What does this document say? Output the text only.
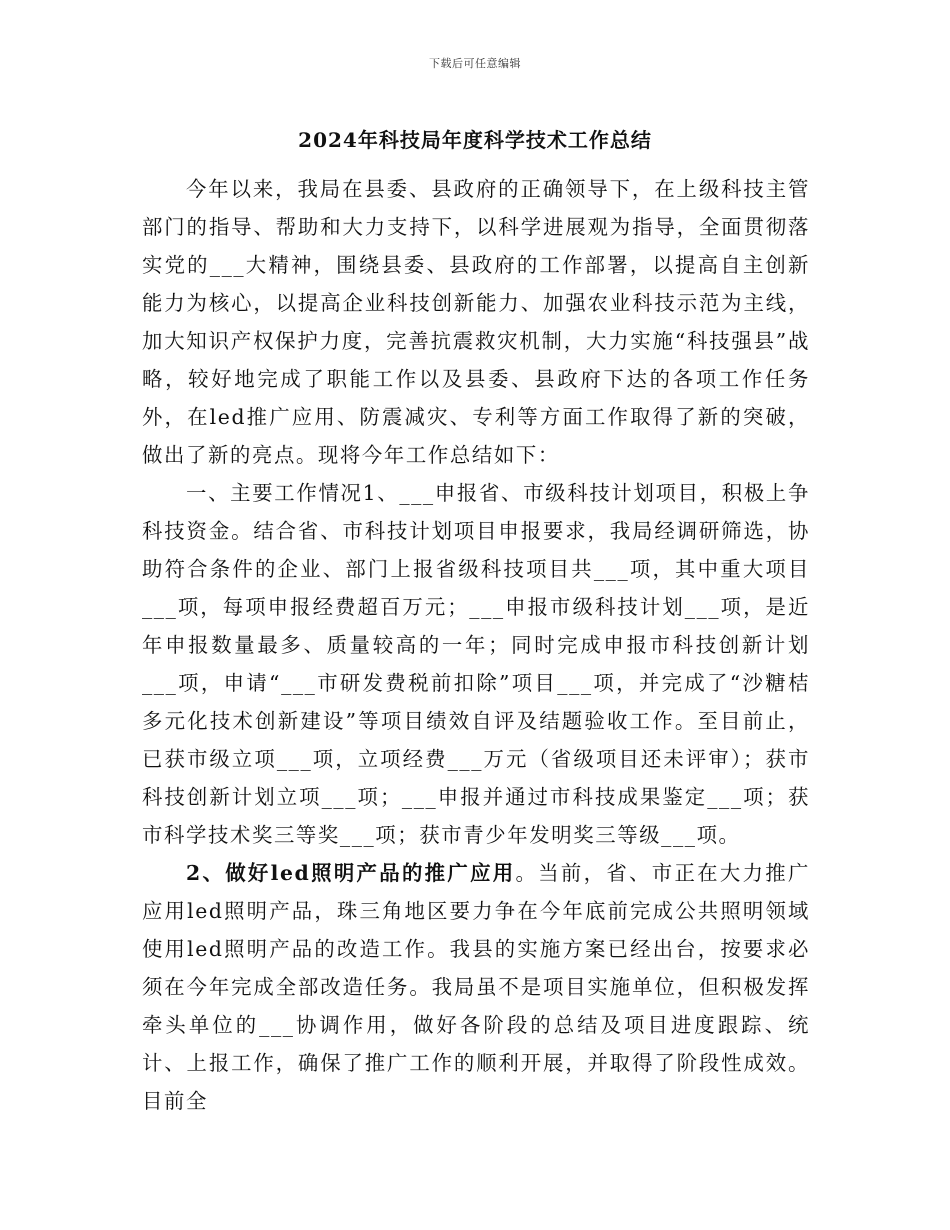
下载后可任意编辑
2024年科技局年度科学技术工作总结

今年以来，我局在县委、县政府的正确领导下，在上级科技主管部门的指导、帮助和大力支持下，以科学进展观为指导，全面贯彻落实党的___大精神，围绕县委、县政府的工作部署，以提高自主创新能力为核心，以提高企业科技创新能力、加强农业科技示范为主线，加大知识产权保护力度，完善抗震救灾机制，大力实施“科技强县”战略，较好地完成了职能工作以及县委、县政府下达的各项工作任务外，在led推广应用、防震减灾、专利等方面工作取得了新的突破，做出了新的亮点。现将今年工作总结如下：

一、主要工作情况1、___申报省、市级科技计划项目，积极上争科技资金。结合省、市科技计划项目申报要求，我局经调研筛选，协助符合条件的企业、部门上报省级科技项目共___项，其中重大项目___项，每项申报经费超百万元；___申报市级科技计划___项，是近年申报数量最多、质量较高的一年；同时完成申报市科技创新计划___项，申请“___市研发费税前扣除”项目___项，并完成了“沙糖桔多元化技术创新建设”等项目绩效自评及结题验收工作。至目前止，已获市级立项___项，立项经费___万元（省级项目还未评审）；获市科技创新计划立项___项；___申报并通过市科技成果鉴定___项；获市科学技术奖三等奖___项；获市青少年发明奖三等级___项。

2、做好led照明产品的推广应用。当前，省、市正在大力推广应用led照明产品，珠三角地区要力争在今年底前完成公共照明领域使用led照明产品的改造工作。我县的实施方案已经出台，按要求必须在今年完成全部改造任务。我局虽不是项目实施单位，但积极发挥牵头单位的___协调作用，做好各阶段的总结及项目进度跟踪、统计、上报工作，确保了推广工作的顺利开展，并取得了阶段性成效。目前全
